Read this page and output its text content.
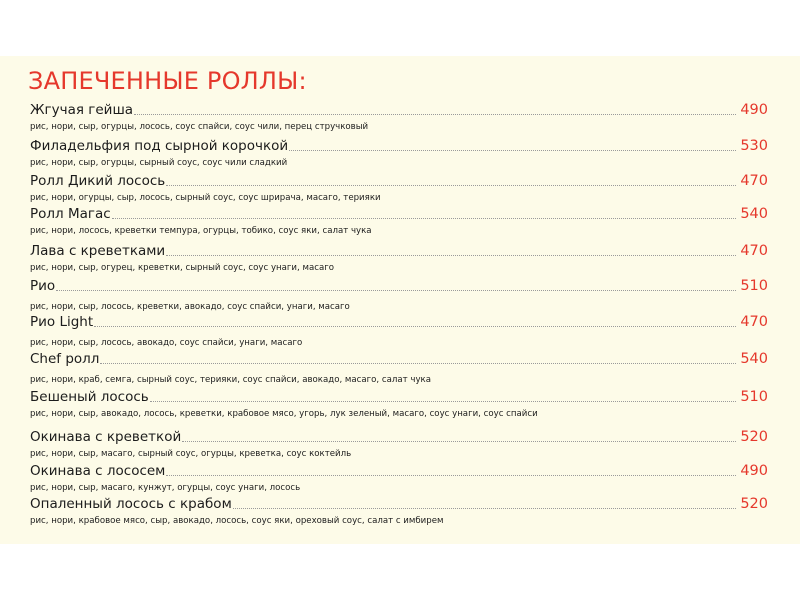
ЗАПЕЧЕННЫЕ РОЛЛЫ:
Жгучая гейша	490
рис, нори, сыр, огурцы, лосось, соус спайси, соус чили, перец стручковый
Филадельфия под сырной корочкой	530
рис, нори, сыр, огурцы, сырный соус, соус чили сладкий
Ролл Дикий лосось	470
рис, нори, огурцы, сыр, лосось, сырный соус, соус шрирача, масаго, терияки
Ролл Магас	540
рис, нори, лосось, креветки темпура, огурцы, тобико, соус яки, салат чука
Лава с креветками	470
рис, нори, сыр, огурец, креветки, сырный соус, соус унаги, масаго
Рио	510
рис, нори, сыр, лосось, креветки, авокадо, соус спайси, унаги, масаго
Рио Light	470
рис, нори, сыр, лосось, авокадо, соус спайси, унаги, масаго
Chef ролл	540
рис, нори, краб, семга, сырный соус, терияки, соус спайси, авокадо, масаго, салат чука
Бешеный лосось	510
рис, нори, сыр, авокадо, лосось, креветки, крабовое мясо, угорь, лук зеленый, масаго, соус унаги, соус спайси
Окинава с креветкой	520
рис, нори, сыр, масаго, сырный соус, огурцы, креветка, соус коктейль
Окинава с лососем	490
рис, нори, сыр, масаго, кунжут, огурцы, соус унаги, лосось
Опаленный лосось с крабом	520
рис, нори, крабовое мясо, сыр, авокадо, лосось, соус яки, ореховый соус, салат с имбирем
